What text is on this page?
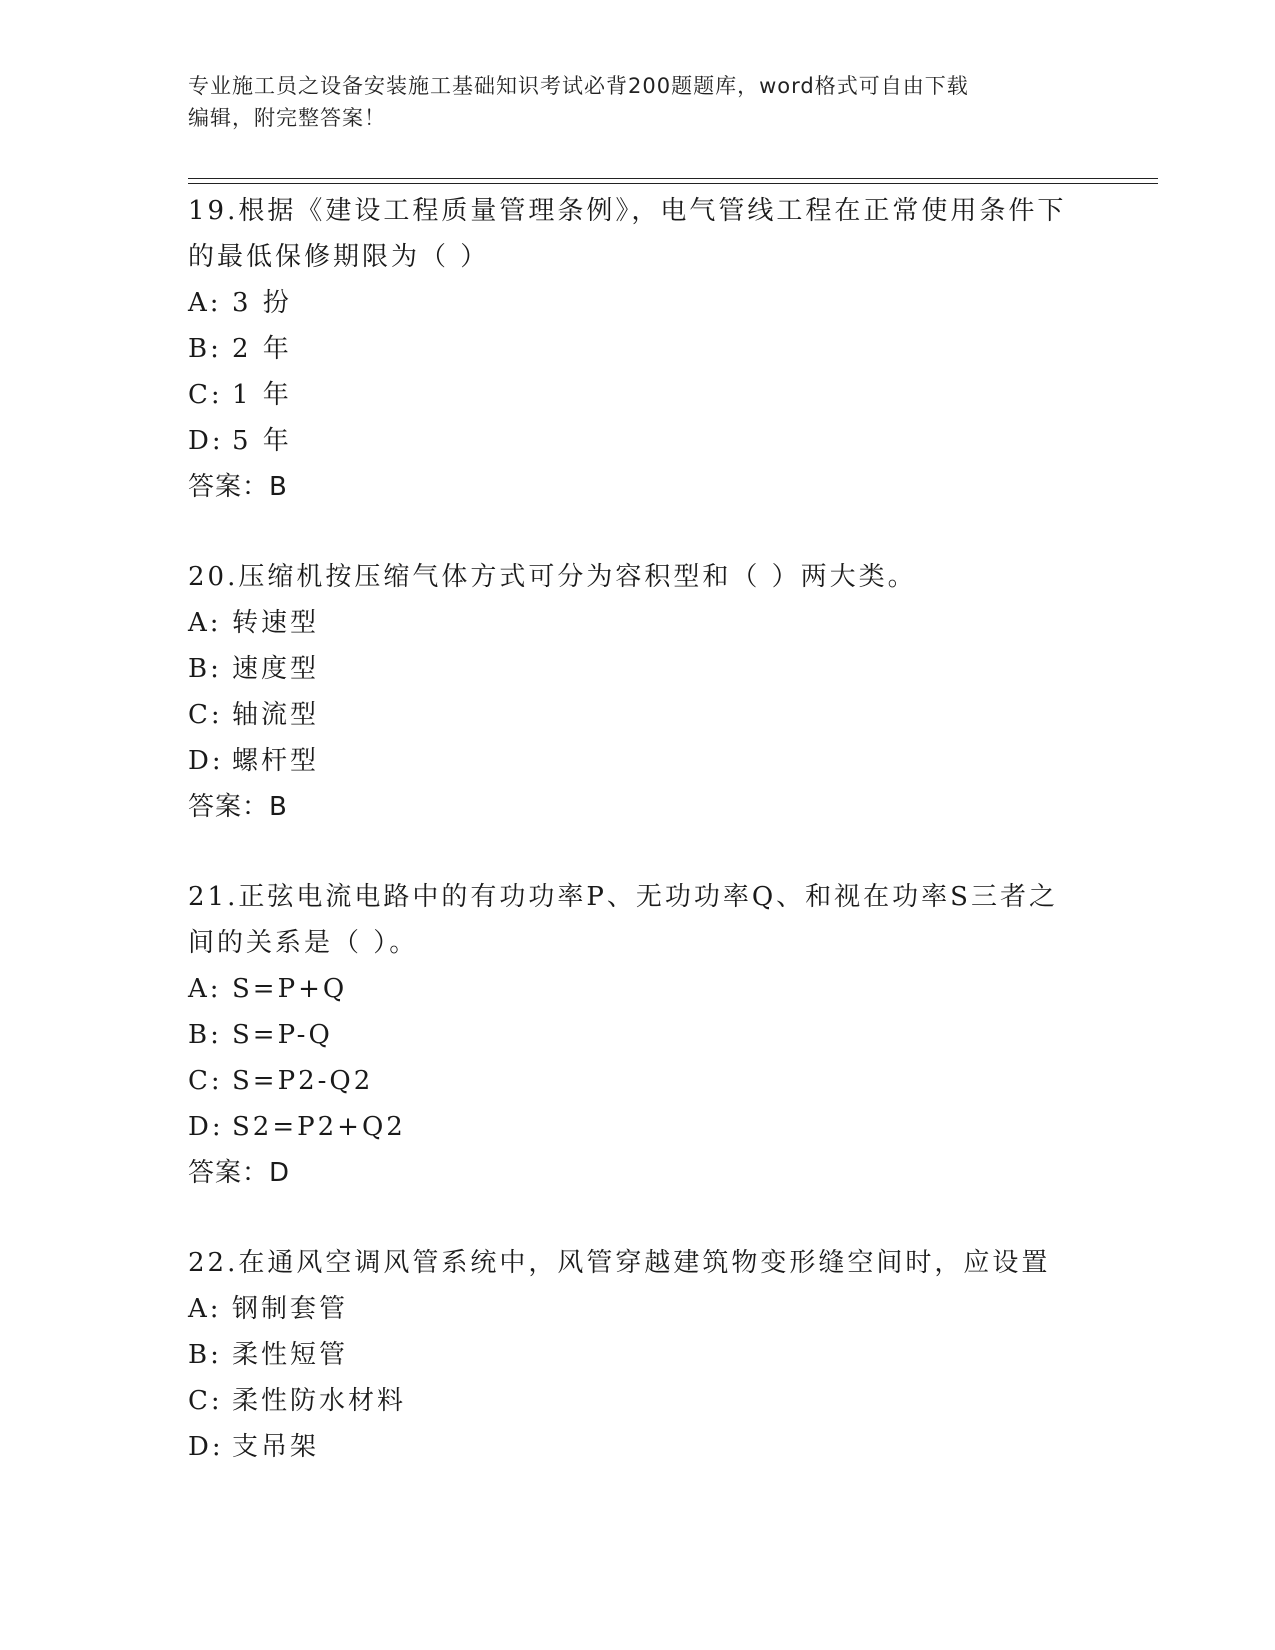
专业施工员之设备安装施工基础知识考试必背200题题库，word格式可自由下载
编辑，附完整答案！

19.根据《建设工程质量管理条例》，电气管线工程在正常使用条件下

的最低保修期限为（ ）

A: 3 扮

B: 2 年

C: 1 年

D: 5 年

答案：B

20.压缩机按压缩气体方式可分为容积型和（ ）两大类。

A: 转速型

B: 速度型

C: 轴流型

D: 螺杆型

答案：B

21.正弦电流电路中的有功功率P、无功功率Q、和视在功率S三者之

间的关系是（ ）。

A: S=P+Q

B: S=P-Q

C: S=P2-Q2

D: S2=P2+Q2

答案：D

22.在通风空调风管系统中，风管穿越建筑物变形缝空间时，应设置

A: 钢制套管

B: 柔性短管

C: 柔性防水材料

D: 支吊架
